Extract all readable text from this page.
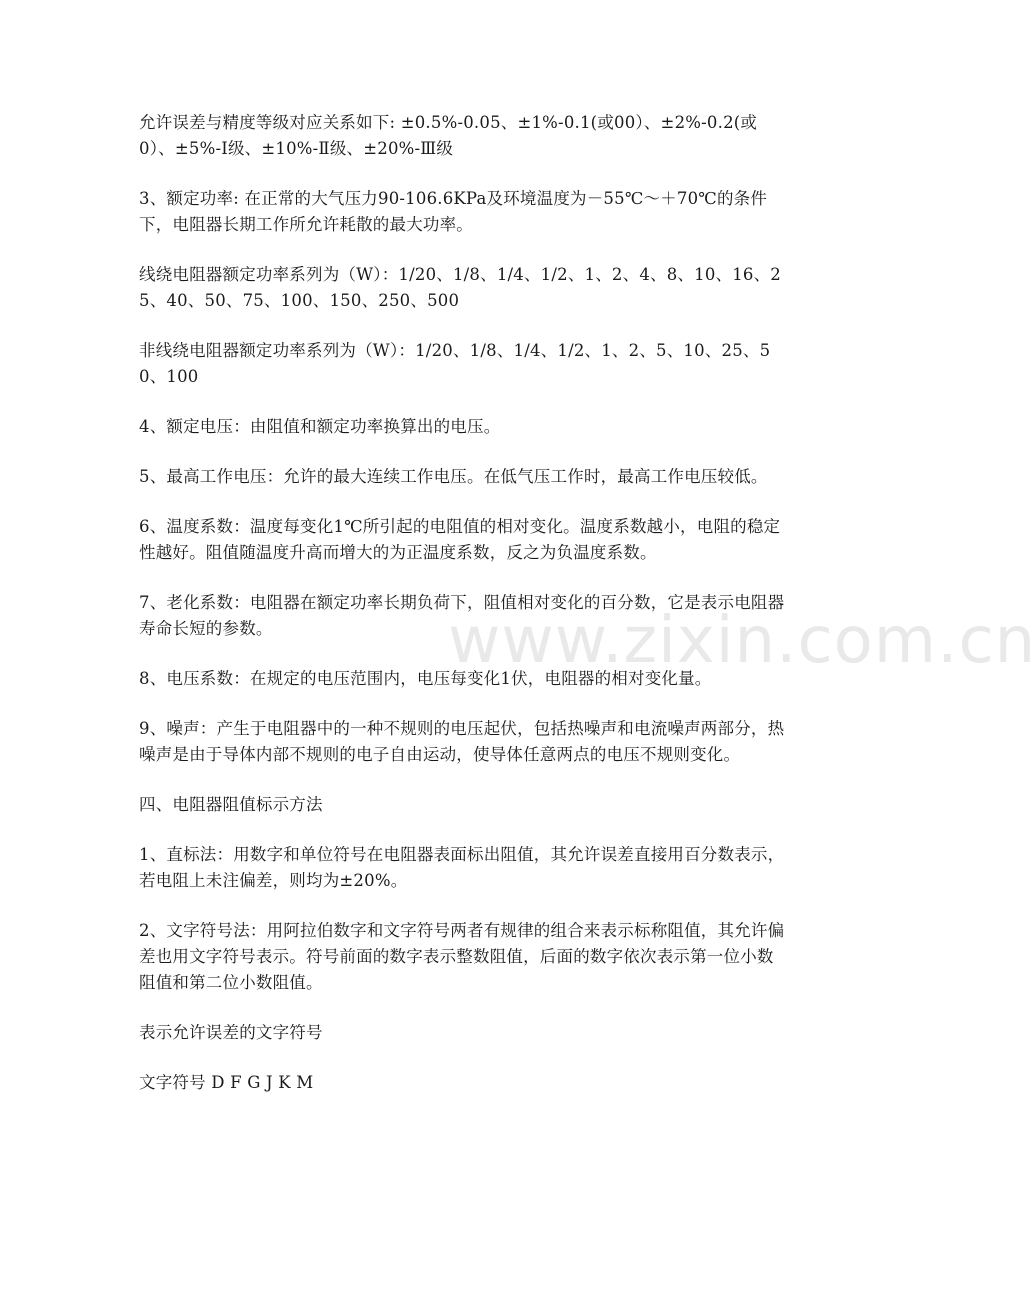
www.zixin.com.cn

允许误差与精度等级对应关系如下: ±0.5%-0.05、±1%-0.1(或00）、±2%-0.2(或0）、±5%-Ⅰ级、±10%-Ⅱ级、±20%-Ⅲ级

3、额定功率: 在正常的大气压力90-106.6KPa及环境温度为－55℃～＋70℃的条件下，电阻器长期工作所允许耗散的最大功率。

线绕电阻器额定功率系列为（W）：1/20、1/8、1/4、1/2、1、2、4、8、10、16、25、40、50、75、100、150、250、500

非线绕电阻器额定功率系列为（W）：1/20、1/8、1/4、1/2、1、2、5、10、25、50、100

4、额定电压：由阻值和额定功率换算出的电压。

5、最高工作电压：允许的最大连续工作电压。在低气压工作时，最高工作电压较低。

6、温度系数：温度每变化1℃所引起的电阻值的相对变化。温度系数越小，电阻的稳定性越好。阻值随温度升高而增大的为正温度系数，反之为负温度系数。

7、老化系数：电阻器在额定功率长期负荷下，阻值相对变化的百分数，它是表示电阻器寿命长短的参数。

8、电压系数：在规定的电压范围内，电压每变化1伏，电阻器的相对变化量。

9、噪声：产生于电阻器中的一种不规则的电压起伏，包括热噪声和电流噪声两部分，热噪声是由于导体内部不规则的电子自由运动，使导体任意两点的电压不规则变化。

四、电阻器阻值标示方法

1、直标法：用数字和单位符号在电阻器表面标出阻值，其允许误差直接用百分数表示，若电阻上未注偏差，则均为±20%。

2、文字符号法：用阿拉伯数字和文字符号两者有规律的组合来表示标称阻值，其允许偏差也用文字符号表示。符号前面的数字表示整数阻值，后面的数字依次表示第一位小数阻值和第二位小数阻值。

表示允许误差的文字符号

文字符号 D F G J K M
